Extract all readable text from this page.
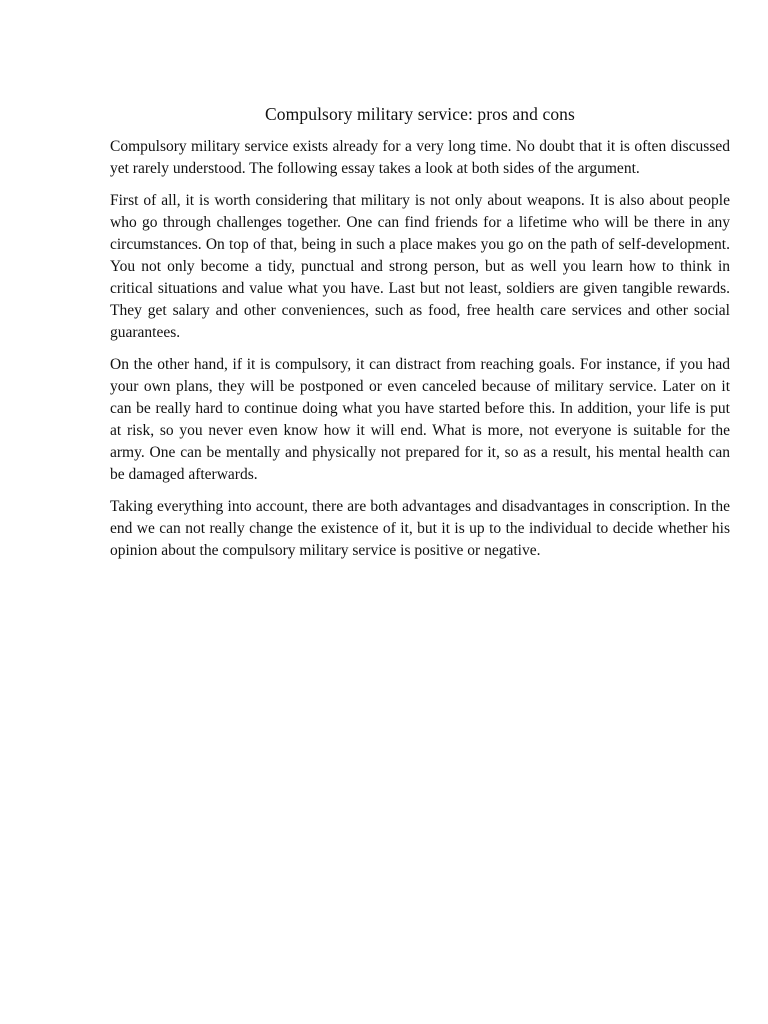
Compulsory military service: pros and cons

Compulsory military service exists already for a very long time. No doubt that it is often discussed yet rarely understood. The following essay takes a look at both sides of the argument.

First of all, it is worth considering that military is not only about weapons. It is also about people who go through challenges together. One can find friends for a lifetime who will be there in any circumstances. On top of that, being in such a place makes you go on the path of self-development. You not only become a tidy, punctual and strong person, but as well you learn how to think in critical situations and value what you have. Last but not least, soldiers are given tangible rewards. They get salary and other conveniences, such as food, free health care services and other social guarantees.

On the other hand, if it is compulsory, it can distract from reaching goals. For instance, if you had your own plans, they will be postponed or even canceled because of military service. Later on it can be really hard to continue doing what you have started before this. In addition, your life is put at risk, so you never even know how it will end. What is more, not everyone is suitable for the army. One can be mentally and physically not prepared for it, so as a result, his mental health can be damaged afterwards.

Taking everything into account, there are both advantages and disadvantages in conscription. In the end we can not really change the existence of it, but it is up to the individual to decide whether his opinion about the compulsory military service is positive or negative.
